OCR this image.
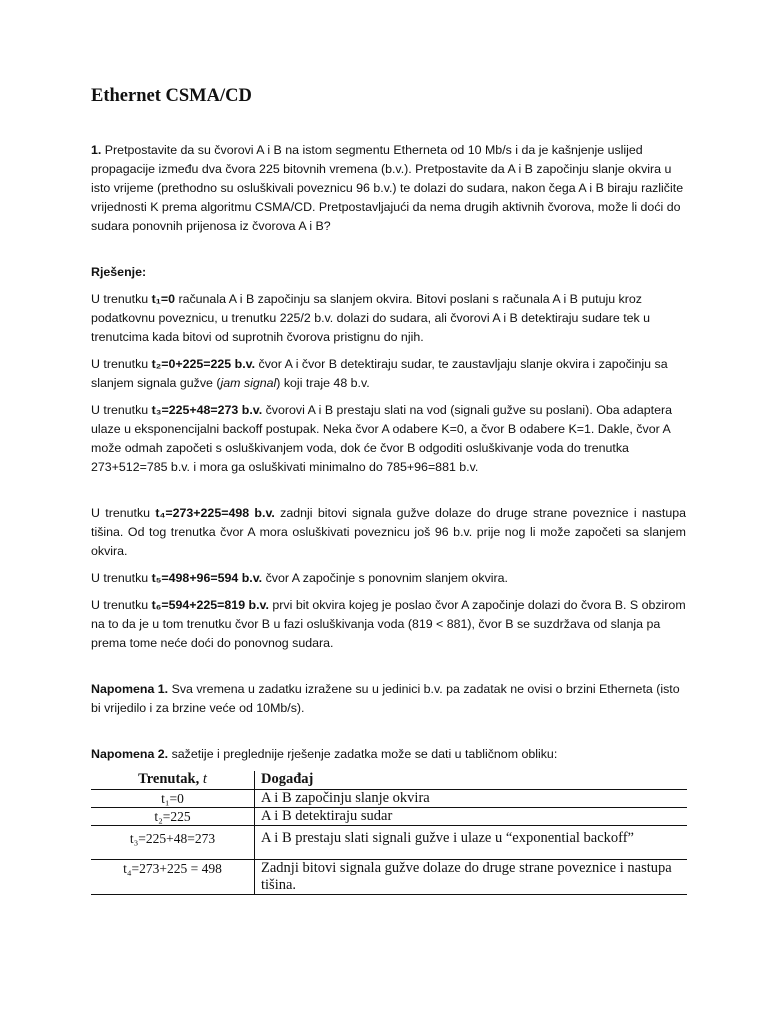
Ethernet CSMA/CD

1. Pretpostavite da su čvorovi A i B na istom segmentu Etherneta od 10 Mb/s i da je kašnjenje uslijed propagacije između dva čvora 225 bitovnih vremena (b.v.). Pretpostavite da A i B započinju slanje okvira u isto vrijeme (prethodno su osluškivali poveznicu 96 b.v.) te dolazi do sudara, nakon čega A i B biraju različite vrijednosti K prema algoritmu CSMA/CD. Pretpostavljajući da nema drugih aktivnih čvorova, može li doći do sudara ponovnih prijenosa iz čvorova A i B?

Rješenje:

U trenutku t₁=0 računala A i B započinju sa slanjem okvira. Bitovi poslani s računala A i B putuju kroz podatkovnu poveznicu, u trenutku 225/2 b.v. dolazi do sudara, ali čvorovi A i B detektiraju sudare tek u trenutcima kada bitovi od suprotnih čvorova pristignu do njih.

U trenutku t₂=0+225=225 b.v. čvor A i čvor B detektiraju sudar, te zaustavljaju slanje okvira i započinju sa slanjem signala gužve (jam signal) koji traje 48 b.v.

U trenutku t₃=225+48=273 b.v. čvorovi A i B prestaju slati na vod (signali gužve su poslani). Oba adaptera ulaze u eksponencijalni backoff postupak. Neka čvor A odabere K=0, a čvor B odabere K=1. Dakle, čvor A može odmah započeti s osluškivanjem voda, dok će čvor B odgoditi osluškivanje voda do trenutka 273+512=785 b.v. i mora ga osluškivati minimalno do 785+96=881 b.v.

U trenutku t₄=273+225=498 b.v. zadnji bitovi signala gužve dolaze do druge strane poveznice i nastupa tišina. Od tog trenutka čvor A mora osluškivati poveznicu još 96 b.v. prije nog li može započeti sa slanjem okvira.

U trenutku t₅=498+96=594 b.v. čvor A započinje s ponovnim slanjem okvira.

U trenutku t₆=594+225=819 b.v. prvi bit okvira kojeg je poslao čvor A započinje dolazi do čvora B. S obzirom na to da je u tom trenutku čvor B u fazi osluškivanja voda (819 < 881), čvor B se suzdržava od slanja pa prema tome neće doći do ponovnog sudara.

Napomena 1. Sva vremena u zadatku izražene su u jedinici b.v. pa zadatak ne ovisi o brzini Etherneta (isto bi vrijedilo i za brzine veće od 10Mb/s).

Napomena 2. sažetije i preglednije rješenje zadatka može se dati u tabličnom obliku:

Trenutak, t	Događaj
t₁=0	A i B započinju slanje okvira
t₂=225	A i B detektiraju sudar
t₃=225+48=273	A i B prestaju slati signali gužve i ulaze u “exponential backoff”
t₄=273+225 = 498	Zadnji bitovi signala gužve dolaze do druge strane poveznice i nastupa tišina.
